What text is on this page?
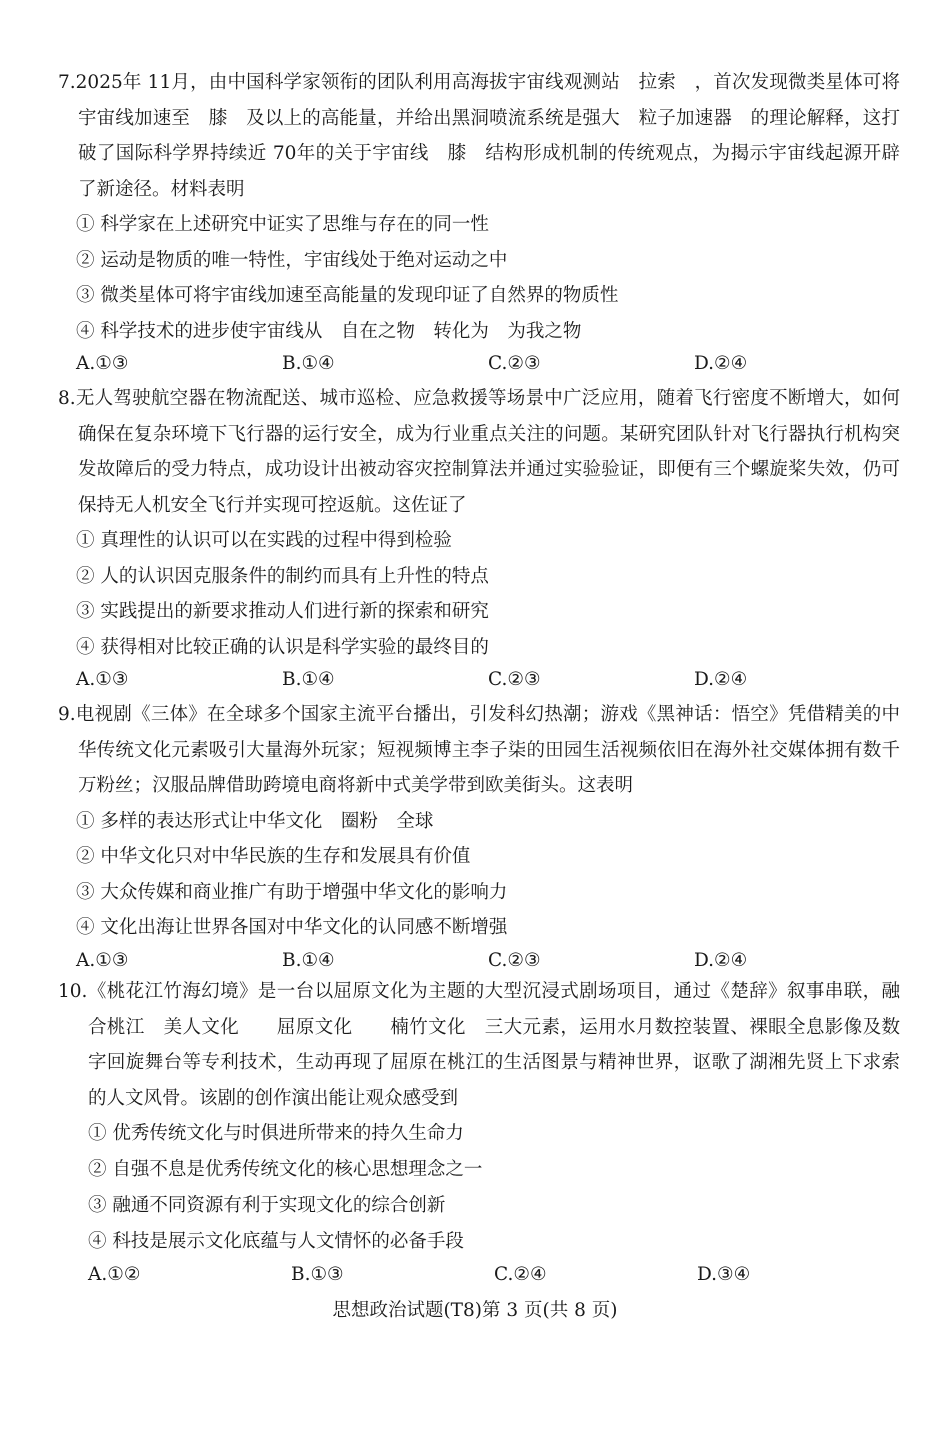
7.2025年 11月，由中国科学家领衔的团队利用高海拔宇宙线观测站　拉索　，首次发现微类星体可将宇宙线加速至　膝　及以上的高能量，并给出黑洞喷流系统是强大　粒子加速器　的理论解释，这打破了国际科学界持续近 70年的关于宇宙线　膝　结构形成机制的传统观点，为揭示宇宙线起源开辟了新途径。材料表明
① 科学家在上述研究中证实了思维与存在的同一性
② 运动是物质的唯一特性，宇宙线处于绝对运动之中
③ 微类星体可将宇宙线加速至高能量的发现印证了自然界的物质性
④ 科学技术的进步使宇宙线从　自在之物　转化为　为我之物
A.①③	B.①④	C.②③	D.②④
8.无人驾驶航空器在物流配送、城市巡检、应急救援等场景中广泛应用，随着飞行密度不断增大，如何确保在复杂环境下飞行器的运行安全，成为行业重点关注的问题。某研究团队针对飞行器执行机构突发故障后的受力特点，成功设计出被动容灾控制算法并通过实验验证，即便有三个螺旋桨失效，仍可保持无人机安全飞行并实现可控返航。这佐证了
① 真理性的认识可以在实践的过程中得到检验
② 人的认识因克服条件的制约而具有上升性的特点
③ 实践提出的新要求推动人们进行新的探索和研究
④ 获得相对比较正确的认识是科学实验的最终目的
A.①③	B.①④	C.②③	D.②④
9.电视剧《三体》在全球多个国家主流平台播出，引发科幻热潮；游戏《黑神话：悟空》凭借精美的中华传统文化元素吸引大量海外玩家；短视频博主李子柒的田园生活视频依旧在海外社交媒体拥有数千万粉丝；汉服品牌借助跨境电商将新中式美学带到欧美街头。这表明
① 多样的表达形式让中华文化　圈粉　全球
② 中华文化只对中华民族的生存和发展具有价值
③ 大众传媒和商业推广有助于增强中华文化的影响力
④ 文化出海让世界各国对中华文化的认同感不断增强
A.①③	B.①④	C.②③	D.②④
10.《桃花江竹海幻境》是一台以屈原文化为主题的大型沉浸式剧场项目，通过《楚辞》叙事串联，融合桃江　美人文化　　屈原文化　　楠竹文化　三大元素，运用水月数控装置、裸眼全息影像及数字回旋舞台等专利技术，生动再现了屈原在桃江的生活图景与精神世界，讴歌了湖湘先贤上下求索的人文风骨。该剧的创作演出能让观众感受到
① 优秀传统文化与时俱进所带来的持久生命力
② 自强不息是优秀传统文化的核心思想理念之一
③ 融通不同资源有利于实现文化的综合创新
④ 科技是展示文化底蕴与人文情怀的必备手段
A.①②	B.①③	C.②④	D.③④
思想政治试题(T8)第 3 页(共 8 页)
